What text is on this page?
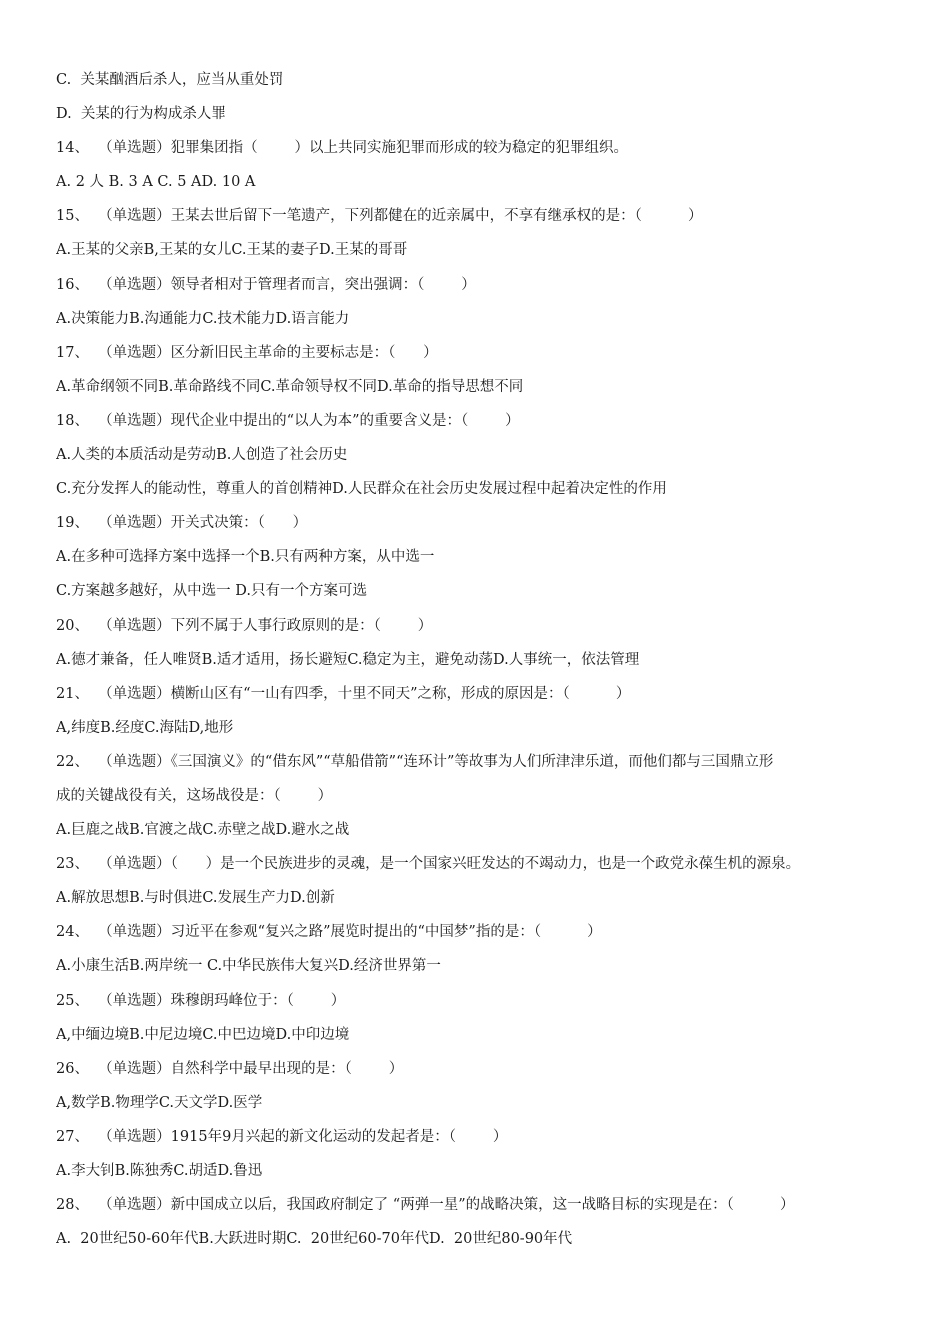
C.  关某酗酒后杀人，应当从重处罚
D.  关某的行为构成杀人罪
14、  （单选题）犯罪集团指（        ）以上共同实施犯罪而形成的较为稳定的犯罪组织。
A. 2 人 B. 3 A C. 5 AD. 10 A
15、  （单选题）王某去世后留下一笔遗产，下列都健在的近亲属中，不享有继承权的是：（          ）
A.王某的父亲B,王某的女儿C.王某的妻子D.王某的哥哥
16、  （单选题）领导者相对于管理者而言，突出强调：（        ）
A.决策能力B.沟通能力C.技术能力D.语言能力
17、  （单选题）区分新旧民主革命的主要标志是：（      ）
A.革命纲领不同B.革命路线不同C.革命领导权不同D.革命的指导思想不同
18、  （单选题）现代企业中提出的“以人为本”的重要含义是：（        ）
A.人类的本质活动是劳动B.人创造了社会历史
C.充分发挥人的能动性，尊重人的首创精神D.人民群众在社会历史发展过程中起着决定性的作用
19、  （单选题）开关式决策：（      ）
A.在多种可选择方案中选择一个B.只有两种方案，从中选一
C.方案越多越好，从中选一 D.只有一个方案可选
20、  （单选题）下列不属于人事行政原则的是：（        ）
A.德才兼备，任人唯贤B.适才适用，扬长避短C.稳定为主，避免动荡D.人事统一，依法管理
21、  （单选题）横断山区有“一山有四季，十里不同天”之称，形成的原因是：（          ）
A,纬度B.经度C.海陆D,地形
22、  （单选题）《三国演义》的“借东风”“草船借箭”“连环计”等故事为人们所津津乐道，而他们都与三国鼎立形
成的关键战役有关，这场战役是：（        ）
A.巨鹿之战B.官渡之战C.赤壁之战D.避水之战
23、  （单选题）（      ）是一个民族进步的灵魂，是一个国家兴旺发达的不竭动力，也是一个政党永葆生机的源泉。
A.解放思想B.与时俱进C.发展生产力D.创新
24、  （单选题）习近平在参观“复兴之路”展览时提出的“中国梦”指的是：（          ）
A.小康生活B.两岸统一 C.中华民族伟大复兴D.经济世界第一
25、  （单选题）珠穆朗玛峰位于：（        ）
A,中缅边境B.中尼边境C.中巴边境D.中印边境
26、  （单选题）自然科学中最早出现的是：（        ）
A,数学B.物理学C.天文学D.医学
27、  （单选题）1915年9月兴起的新文化运动的发起者是：（        ）
A.李大钊B.陈独秀C.胡适D.鲁迅
28、  （单选题）新中国成立以后，我国政府制定了 “两弹一星”的战略决策，这一战略目标的实现是在：（          ）
A.  20世纪50-60年代B.大跃进时期C.  20世纪60-70年代D.  20世纪80-90年代
